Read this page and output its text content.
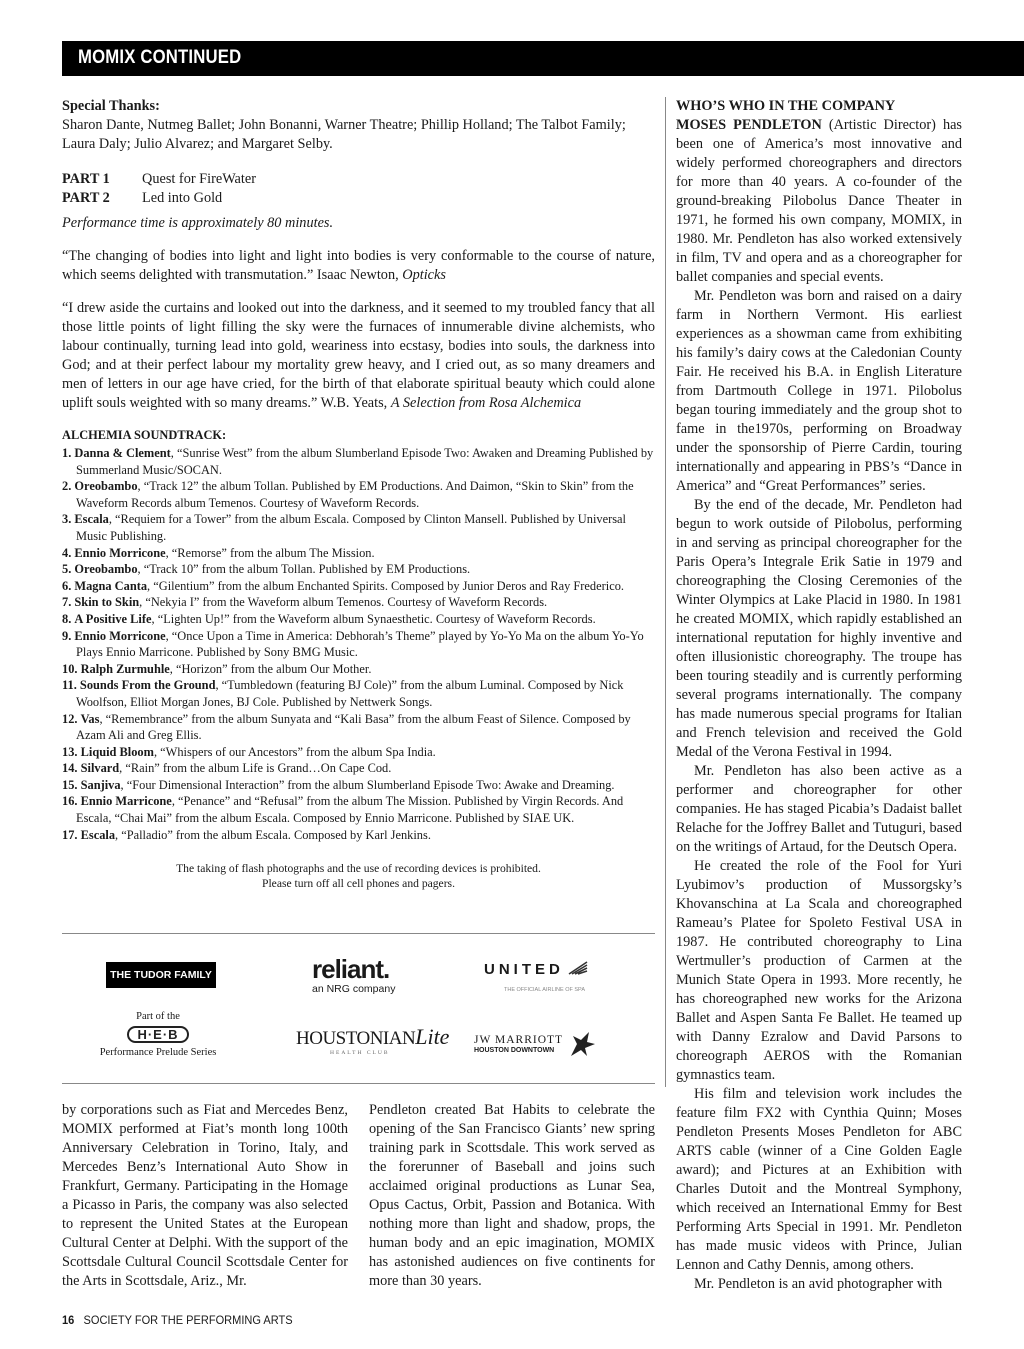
MOMIX CONTINUED

Special Thanks:

Sharon Dante, Nutmeg Ballet; John Bonanni, Warner Theatre; Phillip Holland; The Talbot Family; Laura Daly; Julio Alvarez; and Margaret Selby.

PART 1	Quest for FireWater
PART 2	Led into Gold

Performance time is approximately 80 minutes.

“The changing of bodies into light and light into bodies is very conformable to the course of nature, which seems delighted with transmutation.” Isaac Newton, Opticks

“I drew aside the curtains and looked out into the darkness, and it seemed to my troubled fancy that all those little points of light filling the sky were the furnaces of innumerable divine alchemists, who labour continually, turning lead into gold, weariness into ecstasy, bodies into souls, the darkness into God; and at their perfect labour my mortality grew heavy, and I cried out, as so many dreamers and men of letters in our age have cried, for the birth of that elaborate spiritual beauty which could alone uplift souls weighted with so many dreams.” W.B. Yeats, A Selection from Rosa Alchemica

ALCHEMIA SOUNDTRACK:
1. Danna & Clement, “Sunrise West” from the album Slumberland Episode Two: Awaken and Dreaming Published by Summerland Music/SOCAN.
2. Oreobambo, “Track 12” the album Tollan. Published by EM Productions. And Daimon, “Skin to Skin” from the Waveform Records album Temenos. Courtesy of Waveform Records.
3. Escala, “Requiem for a Tower” from the album Escala. Composed by Clinton Mansell. Published by Universal Music Publishing.
4. Ennio Morricone, “Remorse” from the album The Mission.
5. Oreobambo, “Track 10” from the album Tollan. Published by EM Productions.
6. Magna Canta, “Gilentium” from the album Enchanted Spirits. Composed by Junior Deros and Ray Frederico.
7. Skin to Skin, “Nekyia I” from the Waveform album Temenos. Courtesy of Waveform Records.
8. A Positive Life, “Lighten Up!” from the Waveform album Synaesthetic. Courtesy of Waveform Records.
9. Ennio Morricone, “Once Upon a Time in America: Debhorah’s Theme” played by Yo-Yo Ma on the album Yo-Yo Plays Ennio Marricone. Published by Sony BMG Music.
10. Ralph Zurmuhle, “Horizon” from the album Our Mother.
11. Sounds From the Ground, “Tumbledown (featuring BJ Cole)” from the album Luminal. Composed by Nick Woolfson, Elliot Morgan Jones, BJ Cole. Published by Nettwerk Songs.
12. Vas, “Remembrance” from the album Sunyata and “Kali Basa” from the album Feast of Silence. Composed by Azam Ali and Greg Ellis.
13. Liquid Bloom, “Whispers of our Ancestors” from the album Spa India.
14. Silvard, “Rain” from the album Life is Grand…On Cape Cod.
15. Sanjiva, “Four Dimensional Interaction” from the album Slumberland Episode Two: Awake and Dreaming.
16. Ennio Marricone, “Penance” and “Refusal” from the album The Mission. Published by Virgin Records. And Escala, “Chai Mai” from the album Escala. Composed by Ennio Marricone. Published by SIAE UK.
17. Escala, “Palladio” from the album Escala. Composed by Karl Jenkins.
The taking of flash photographs and the use of recording devices is prohibited.
Please turn off all cell phones and pagers.
THE TUDOR FAMILY
Part of the
H·E·B
Performance Prelude Series
reliant.
an NRG company
UNITED
THE OFFICIAL AIRLINE OF SPA
HOUSTONIANLite
HEALTH CLUB
JW MARRIOTT
HOUSTON DOWNTOWN

by corporations such as Fiat and Mercedes Benz, MOMIX performed at Fiat’s month long 100th Anniversary Celebration in Torino, Italy, and Mercedes Benz’s International Auto Show in Frankfurt, Germany. Participating in the Homage a Picasso in Paris, the company was also selected to represent the United States at the European Cultural Center at Delphi. With the support of the Scottsdale Cultural Council Scottsdale Center for the Arts in Scottsdale, Ariz., Mr.

Pendleton created Bat Habits to celebrate the opening of the San Francisco Giants’ new spring training park in Scottsdale. This work served as the forerunner of Baseball and joins such acclaimed original productions as Lunar Sea, Opus Cactus, Orbit, Passion and Botanica. With nothing more than light and shadow, props, the human body and an epic imagination, MOMIX has astonished audiences on five continents for more than 30 years.

WHO’S WHO IN THE COMPANY

MOSES PENDLETON (Artistic Director) has been one of America’s most innovative and widely performed choreographers and directors for more than 40 years. A co-founder of the ground-breaking Pilobolus Dance Theater in 1971, he formed his own company, MOMIX, in 1980. Mr. Pendleton has also worked extensively in film, TV and opera and as a choreographer for ballet companies and special events.

Mr. Pendleton was born and raised on a dairy farm in Northern Vermont. His earliest experiences as a showman came from exhibiting his family’s dairy cows at the Caledonian County Fair. He received his B.A. in English Literature from Dartmouth College in 1971. Pilobolus began touring immediately and the group shot to fame in the1970s, performing on Broadway under the sponsorship of Pierre Cardin, touring internationally and appearing in PBS’s “Dance in America” and “Great Performances” series.

By the end of the decade, Mr. Pendleton had begun to work outside of Pilobolus, performing in and serving as principal choreographer for the Paris Opera’s Integrale Erik Satie in 1979 and choreographing the Closing Ceremonies of the Winter Olympics at Lake Placid in 1980. In 1981 he created MOMIX, which rapidly established an international reputation for highly inventive and often illusionistic choreography. The troupe has been touring steadily and is currently performing several programs internationally. The company has made numerous special programs for Italian and French television and received the Gold Medal of the Verona Festival in 1994.

Mr. Pendleton has also been active as a performer and choreographer for other companies. He has staged Picabia’s Dadaist ballet Relache for the Joffrey Ballet and Tutuguri, based on the writings of Artaud, for the Deutsch Opera.

He created the role of the Fool for Yuri Lyubimov’s production of Mussorgsky’s Khovanschina at La Scala and choreographed Rameau’s Platee for Spoleto Festival USA in 1987. He contributed choreography to Lina Wertmuller’s production of Carmen at the Munich State Opera in 1993. More recently, he has choreographed new works for the Arizona Ballet and Aspen Santa Fe Ballet. He teamed up with Danny Ezralow and David Parsons to choreograph AEROS with the Romanian gymnastics team.

His film and television work includes the feature film FX2 with Cynthia Quinn; Moses Pendleton Presents Moses Pendleton for ABC ARTS cable (winner of a Cine Golden Eagle award); and Pictures at an Exhibition with Charles Dutoit and the Montreal Symphony, which received an International Emmy for Best Performing Arts Special in 1991. Mr. Pendleton has made music videos with Prince, Julian Lennon and Cathy Dennis, among others.

Mr. Pendleton is an avid photographer with

16 SOCIETY FOR THE PERFORMING ARTS
